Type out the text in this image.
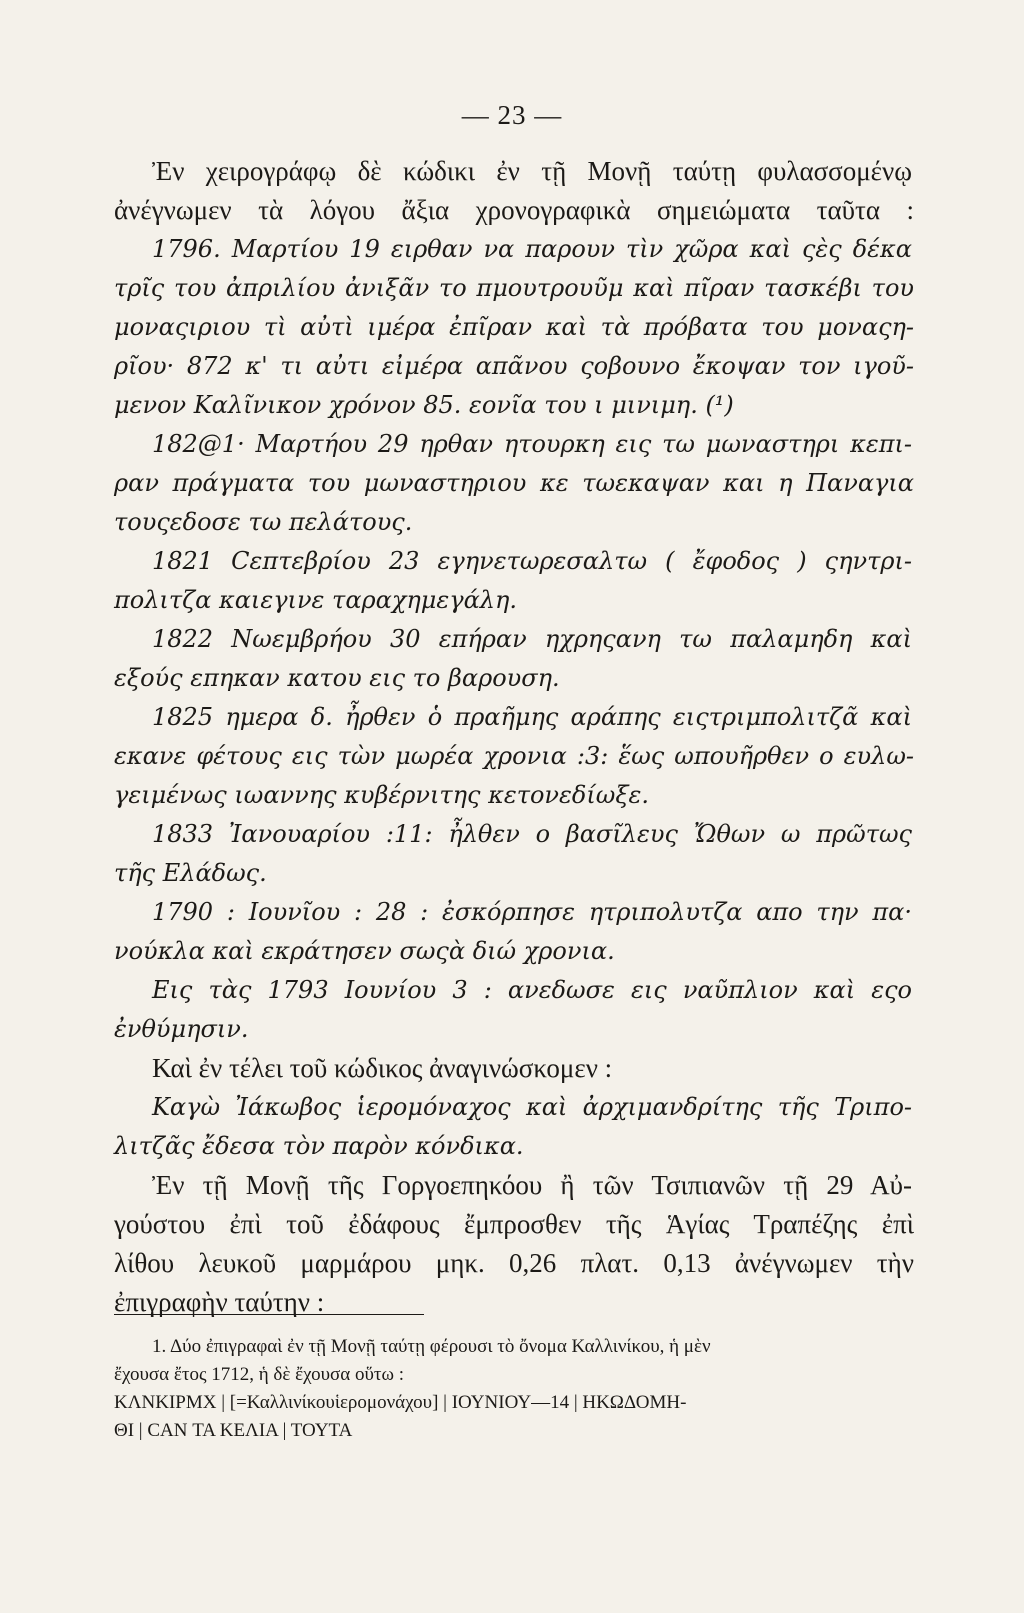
— 23 —
Ἐν χειρογράφῳ δὲ κώδικι ἐν τῇ Μονῇ ταύτῃ φυλασσομένῳ
ἀνέγνωμεν τὰ λόγου ἄξια χρονογραφικὰ σημειώματα ταῦτα :
1796. Μαρτίου 19 ειρθαν να παρουν τὶν χῶρα καὶ ςὲς δέκα
τρῖς του ἀπριλίου ἀνιξᾶν το πμουτρουῦμ καὶ πῖραν τασκέβι του
μοναςιριου τὶ αὐτὶ ιμέρα ἐπῖραν καὶ τὰ πρόβατα του μοναςη-
ρῖου· 872 κ' τι αὐτι εἰμέρα απᾶνου ςοβουνο ἔκοψαν τον ιγοῦ-
μενον Καλῖνικον χρόνον 85. εονῖα του ι μινιμη. (¹)
182@1· Μαρτήου 29 ηρθαν ητουρκη εις τω μωναστηρι κεπι-
ραν πράγματα του μωναστηριου κε τωεκαψαν και η Παναγια
τουςεδοσε τω πελάτους.
1821 Cεπτεβρίου 23 εγηνετωρεσαλτω ( ἔφοδος ) ςηντρι-
πολιτζα καιεγινε ταραχημεγάλη.
1822 Νωεμβρήου 30 επήραν ηχρηςανη τω παλαμηδη καὶ
εξούς επηκαν κατου εις το βαρουση.
1825 ημερα δ. ἦρθεν ὁ πραῆμης αράπης ειςτριμπολιτζᾶ καὶ
εκανε φέτους εις τὼν μωρέα χρονια :3: ἕως ωπουῆρθεν ο ευλω-
γειμένως ιωαννης κυβέρνιτης κετονεδίωξε.
1833 Ἰανουαρίου :11: ἦλθεν ο βασῖλευς Ὤθων ω πρῶτως
τῆς Ελάδως.
1790 : Ιουνῖου : 28 : ἐσκόρπησε ητριπολυτζα απο την πα·
νούκλα καὶ εκράτησεν σωςὰ διώ χρονια.
Εις τὰς 1793 Ιουνίου 3 : ανεδωσε εις ναῦπλιον καὶ εςο
ἐνθύμησιν.
Καὶ ἐν τέλει τοῦ κώδικος ἀναγινώσκομεν :
Καγὼ Ἰάκωβος ἱερομόναχος καὶ ἀρχιμανδρίτης τῆς Τριπο-
λιτζᾶς ἔδεσα τὸν παρὸν κόνδικα.
Ἐν τῇ Μονῇ τῆς Γοργοεπηκόου ἢ τῶν Τσιπιανῶν τῇ 29 Αὐ-
γούστου ἐπὶ τοῦ ἐδάφους ἔμπροσθεν τῆς Ἁγίας Τραπέζης ἐπὶ
λίθου λευκοῦ μαρμάρου μηκ. 0,26 πλατ. 0,13 ἀνέγνωμεν τὴν
ἐπιγραφὴν ταύτην :
1. Δύο ἐπιγραφαὶ ἐν τῇ Μονῇ ταύτῃ φέρουσι τὸ ὄνομα Καλλινίκου, ἡ μὲν
ἔχουσα ἔτος 1712, ἡ δὲ ἔχουσα οὕτω :
ΚΛΝΚΙΡΜΧ | [=Καλλινίκουἱερομονάχου] | ΙΟΥΝΙΟΥ—14 | ΗΚΩΔΟΜΗ-
ΘΙ | CAN ΤΑ ΚΕΛΙΑ | ΤΟΥΤΑ
